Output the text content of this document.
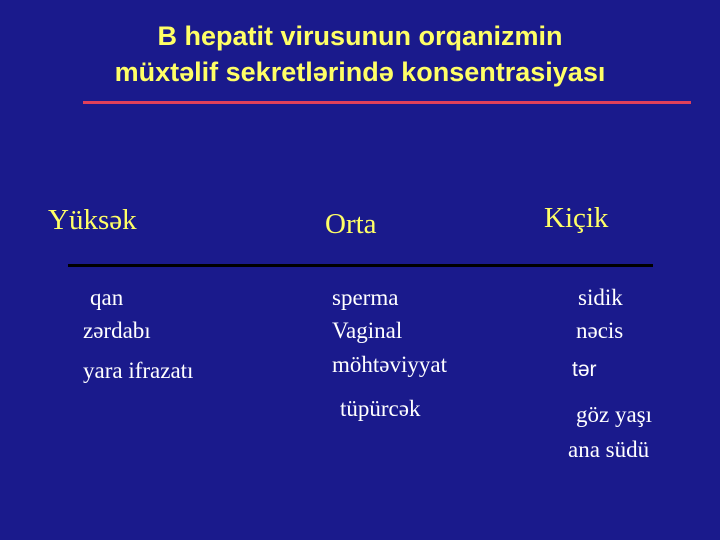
B hepatit virusunun orqanizmin
müxtəlif sekretlərində konsentrasiyası
Yüksək	Orta	Kiçik
qan
zərdabı
yara ifrazatı
sperma
Vaginal
möhtəviyyat
tüpürcək
sidik
nəcis
tər
göz yaşı
ana südü
